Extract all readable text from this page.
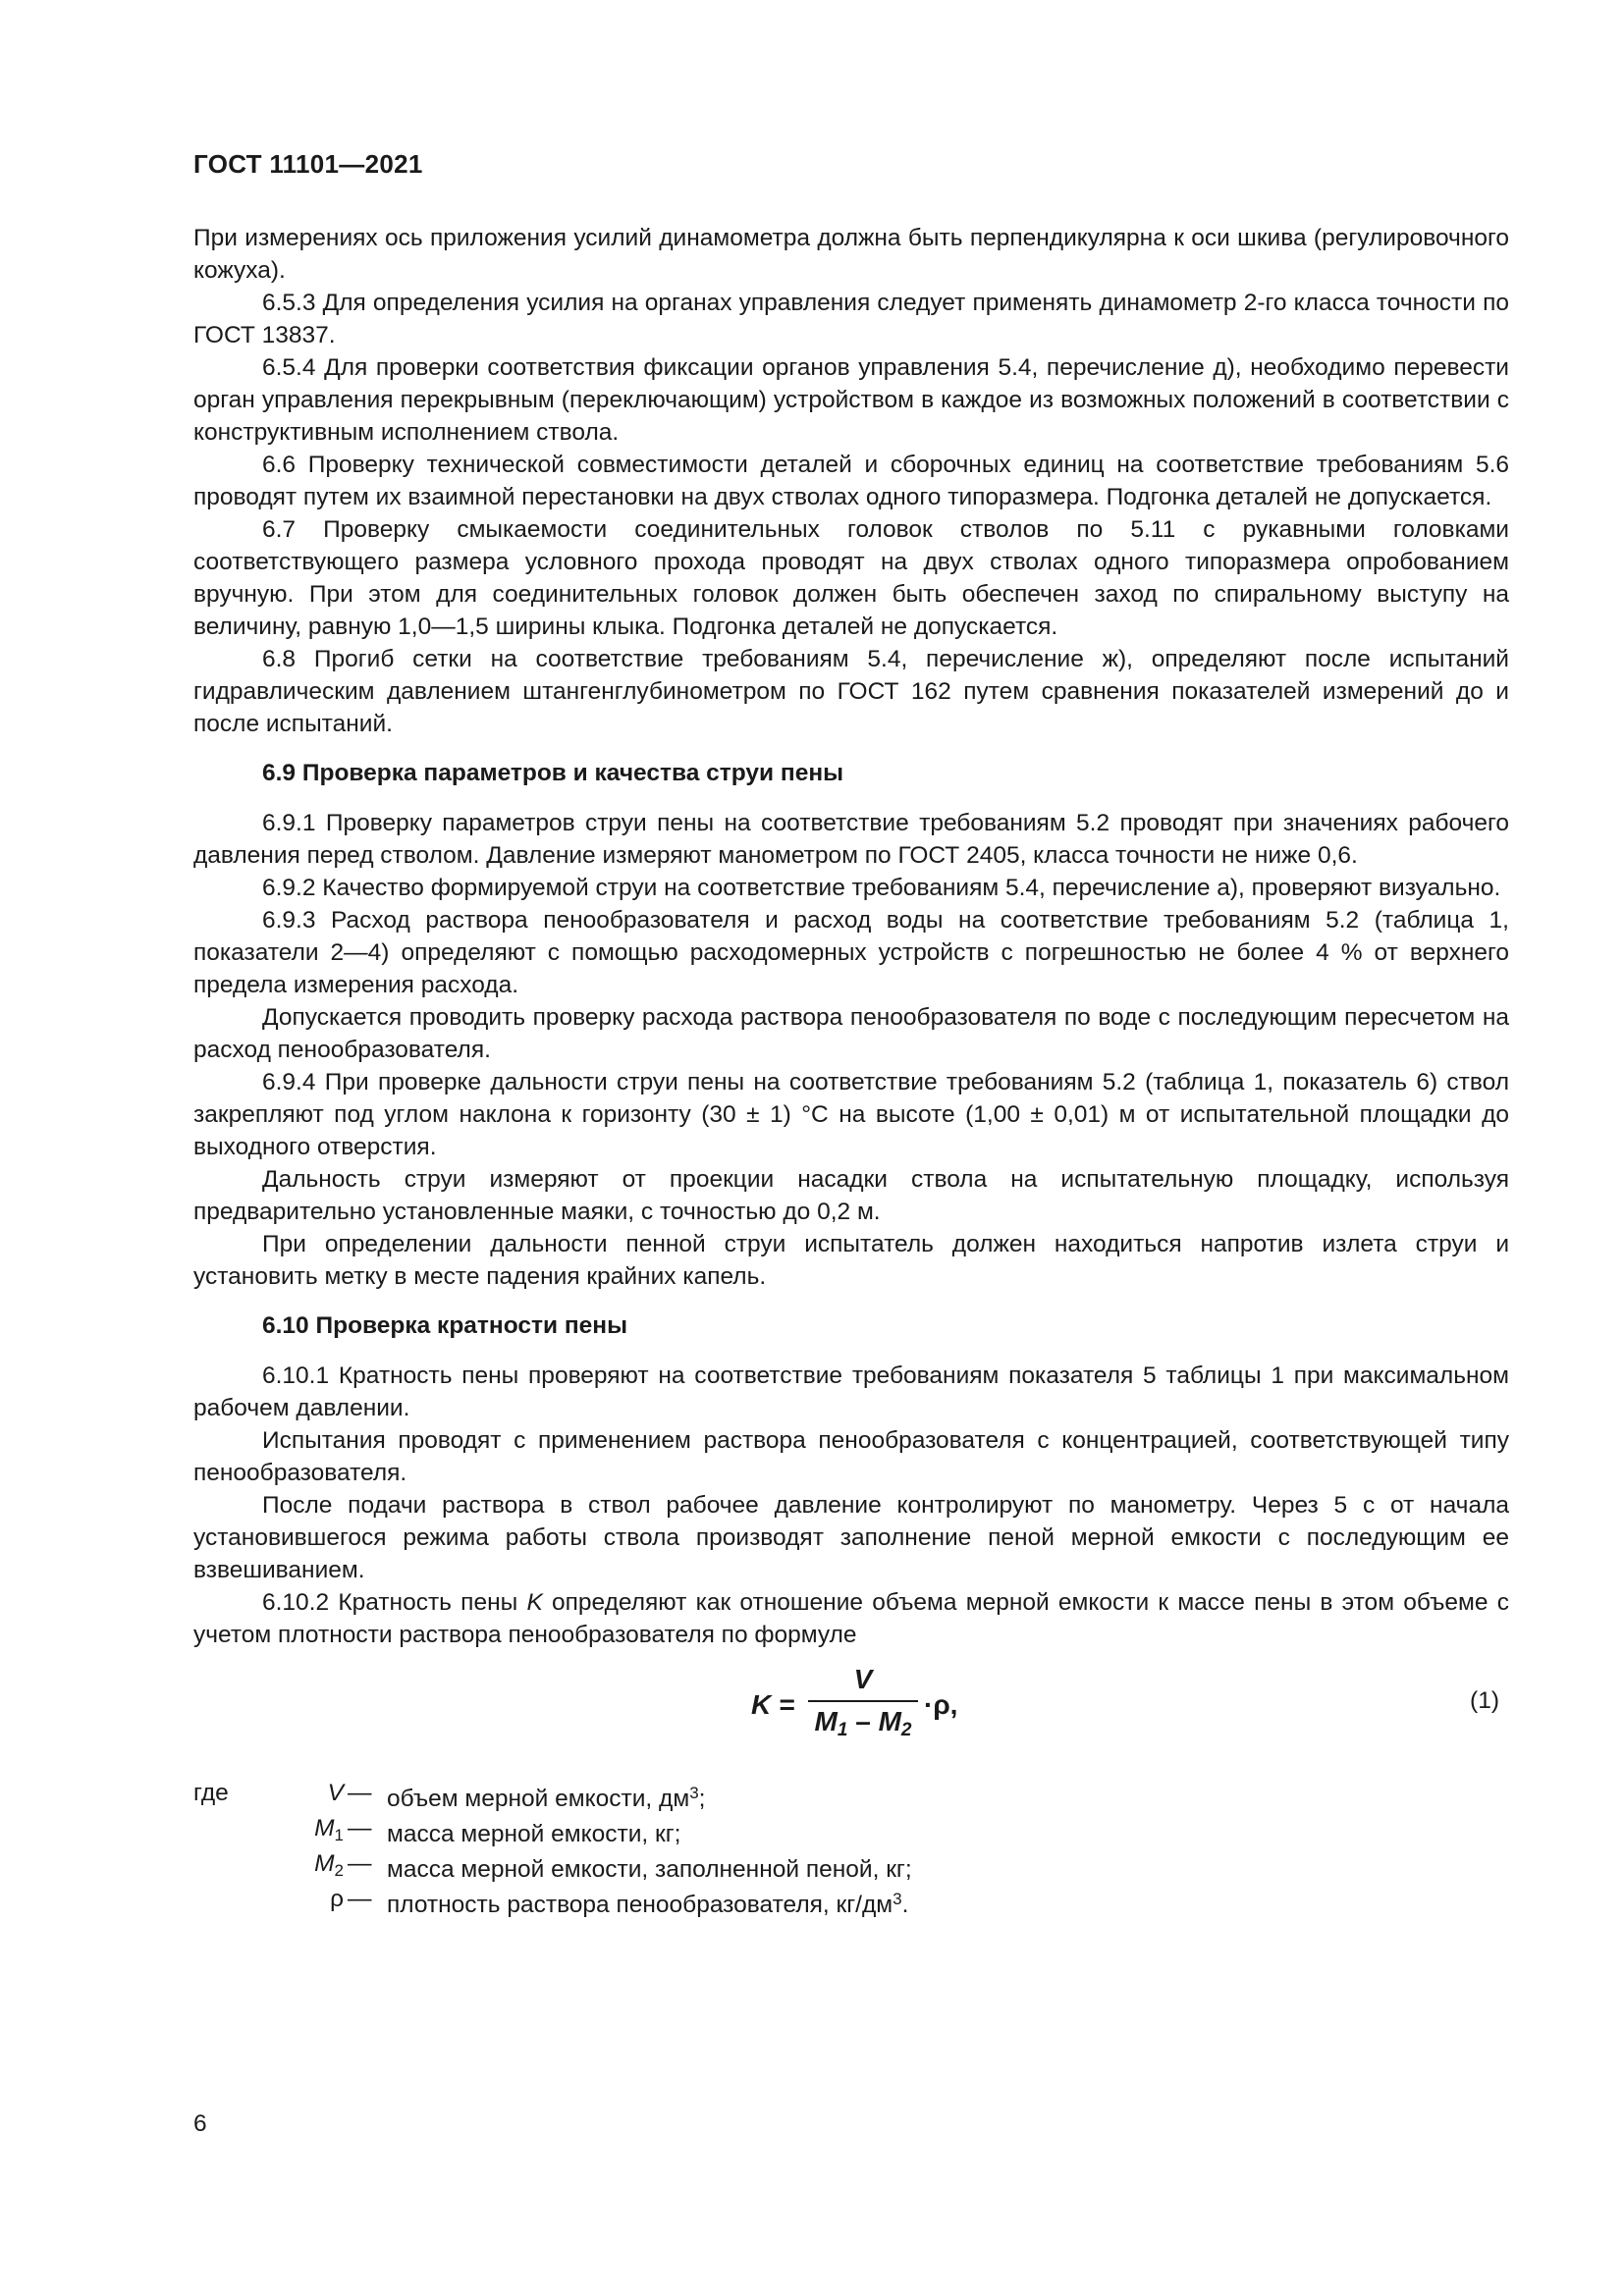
ГОСТ 11101—2021

При измерениях ось приложения усилий динамометра должна быть перпендикулярна к оси шкива (регулировочного кожуха).

6.5.3 Для определения усилия на органах управления следует применять динамометр 2-го класса точности по ГОСТ 13837.

6.5.4 Для проверки соответствия фиксации органов управления 5.4, перечисление д), необходимо перевести орган управления перекрывным (переключающим) устройством в каждое из возможных положений в соответствии с конструктивным исполнением ствола.

6.6 Проверку технической совместимости деталей и сборочных единиц на соответствие требованиям 5.6 проводят путем их взаимной перестановки на двух стволах одного типоразмера. Подгонка деталей не допускается.

6.7 Проверку смыкаемости соединительных головок стволов по 5.11 с рукавными головками соответствующего размера условного прохода проводят на двух стволах одного типоразмера опробованием вручную. При этом для соединительных головок должен быть обеспечен заход по спиральному выступу на величину, равную 1,0—1,5 ширины клыка. Подгонка деталей не допускается.

6.8 Прогиб сетки на соответствие требованиям 5.4, перечисление ж), определяют после испытаний гидравлическим давлением штангенглубинометром по ГОСТ 162 путем сравнения показателей измерений до и после испытаний.

6.9 Проверка параметров и качества струи пены

6.9.1 Проверку параметров струи пены на соответствие требованиям 5.2 проводят при значениях рабочего давления перед стволом. Давление измеряют манометром по ГОСТ 2405, класса точности не ниже 0,6.

6.9.2 Качество формируемой струи на соответствие требованиям 5.4, перечисление а), проверяют визуально.

6.9.3 Расход раствора пенообразователя и расход воды на соответствие требованиям 5.2 (таблица 1, показатели 2—4) определяют с помощью расходомерных устройств с погрешностью не более 4 % от верхнего предела измерения расхода.

Допускается проводить проверку расхода раствора пенообразователя по воде с последующим пересчетом на расход пенообразователя.

6.9.4 При проверке дальности струи пены на соответствие требованиям 5.2 (таблица 1, показатель 6) ствол закрепляют под углом наклона к горизонту (30 ± 1) °С на высоте (1,00 ± 0,01) м от испытательной площадки до выходного отверстия.

Дальность струи измеряют от проекции насадки ствола на испытательную площадку, используя предварительно установленные маяки, с точностью до 0,2 м.

При определении дальности пенной струи испытатель должен находиться напротив излета струи и установить метку в месте падения крайних капель.

6.10 Проверка кратности пены

6.10.1 Кратность пены проверяют на соответствие требованиям показателя 5 таблицы 1 при максимальном рабочем давлении.

Испытания проводят с применением раствора пенообразователя с концентрацией, соответствующей типу пенообразователя.

После подачи раствора в ствол рабочее давление контролируют по манометру. Через 5 с от начала установившегося режима работы ствола производят заполнение пеной мерной емкости с последующим ее взвешиванием.

6.10.2 Кратность пены K определяют как отношение объема мерной емкости к массе пены в этом объеме с учетом плотности раствора пенообразователя по формуле

K =
V
$M_1 - M_2$
·ρ,	(1)
где	V — объем мерной емкости, $дм^3$;
$M_1$ — масса мерной емкости, кг;
$M_2$ — масса мерной емкости, заполненной пеной, кг;
ρ — плотность раствора пенообразователя, $кг/дм^3$.
6
